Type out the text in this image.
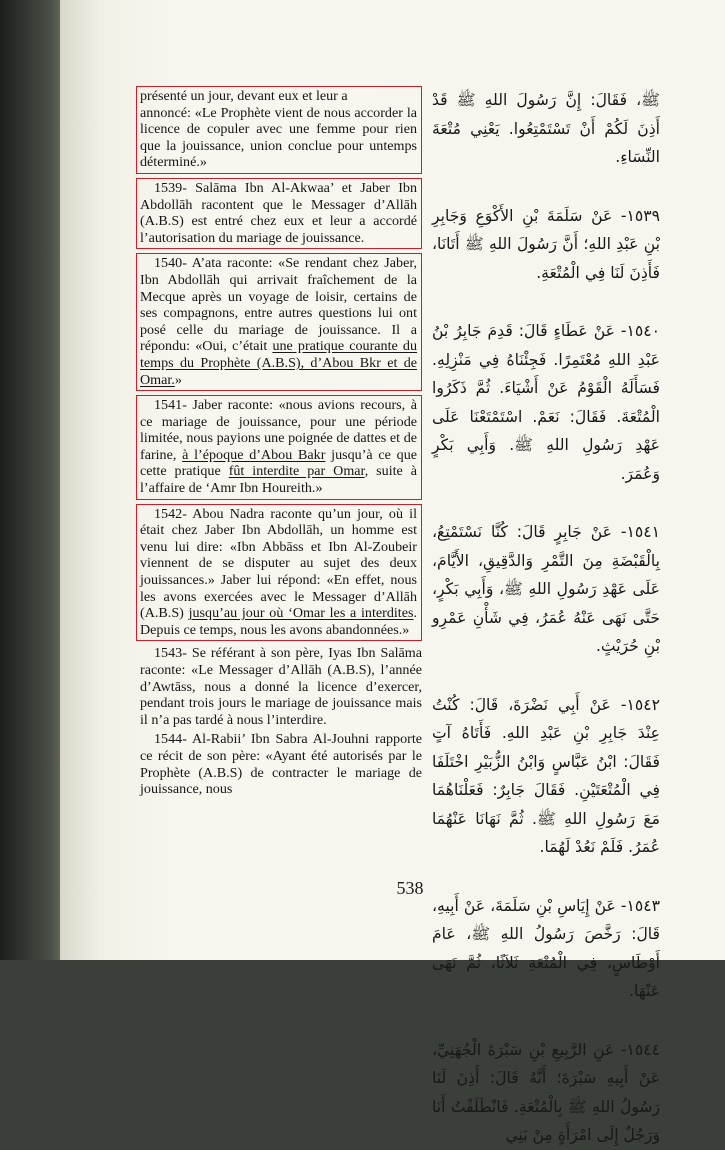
présenté un jour, devant eux et leur a

annoncé: «Le Prophète vient de nous accorder la licence de copuler avec une femme pour rien que la jouissance, union conclue pour untemps déterminé.»

1539- Salāma Ibn Al-Akwaa’ et Jaber Ibn Abdollāh racontent que le Messager d’Allāh (A.B.S) est entré chez eux et leur a accordé l’autorisation du mariage de jouissance.

1540- A’ata raconte: «Se rendant chez Jaber, Ibn Abdollāh qui arrivait fraîchement de la Mecque après un voyage de loisir, certains de ses compagnons, entre autres questions lui ont posé celle du mariage de jouissance. Il a répondu: «Oui, c’était une pratique courante du temps du Prophète (A.B.S), d’Abou Bkr et de Omar.»

1541- Jaber raconte: «nous avions recours, à ce mariage de jouissance, pour une période limitée, nous payions une poignée de dattes et de farine, à l’époque d’Abou Bakr jusqu’à ce que cette pratique fût interdite par Omar, suite à l’affaire de ‘Amr Ibn Houreith.»

1542- Abou Nadra raconte qu’un jour, où il était chez Jaber Ibn Abdollāh, un homme est venu lui dire: «Ibn Abbāss et Ibn Al-Zoubeir viennent de se disputer au sujet des deux jouissances.» Jaber lui répond: «En effet, nous les avons exercées avec le Messager d’Allāh (A.B.S) jusqu’au jour où ‘Omar les a interdites. Depuis ce temps, nous les avons abandonnées.»

1543- Se référant à son père, Iyas Ibn Salāma raconte: «Le Messager d’Allāh (A.B.S), l’année d’Awtāss, nous a donné la licence d’exercer, pendant trois jours le mariage de jouissance mais il n’a pas tardé à nous l’interdire.

1544- Al-Rabii’ Ibn Sabra Al-Jouhni rapporte ce récit de son père: «Ayant été autorisés par le Prophète (A.B.S) de contracter le mariage de jouissance, nous

ﷺ، فَقَالَ: إِنَّ رَسُولَ اللهِ ﷺ قَدْ أَذِنَ لَكُمْ أَنْ تَسْتَمْتِعُوا. يَعْنِي مُتْعَةَ النِّسَاءِ.

١٥٣٩- عَنْ سَلَمَةَ بْنِ الأَكْوَعِ وَجَابِرِ بْنِ عَبْدِ اللهِ؛ أَنَّ رَسُولَ اللهِ ﷺ أَتَانَا، فَأَذِنَ لَنَا فِي الْمُتْعَةِ.

١٥٤٠- عَنْ عَطَاءٍ قَالَ: قَدِمَ جَابِرُ بْنُ عَبْدِ اللهِ مُعْتَمِرًا. فَجِئْنَاهُ فِي مَنْزِلِهِ. فَسَأَلَهُ الْقَوْمُ عَنْ أَشْيَاءَ. ثُمَّ ذَكَرُوا الْمُتْعَةَ. فَقَالَ: نَعَمْ. اسْتَمْتَعْنَا عَلَى عَهْدِ رَسُولِ اللهِ ﷺ. وَأَبِي بَكْرٍ وَعُمَرَ.

١٥٤١- عَنْ جَابِرٍ قَالَ: كُنَّا نَسْتَمْتِعُ، بِالْقَبْضَةِ مِنَ التَّمْرِ وَالدَّقِيقِ، الأَيَّامَ، عَلَى عَهْدِ رَسُولِ اللهِ ﷺ، وَأَبِي بَكْرٍ، حَتَّى نَهَى عَنْهُ عُمَرُ، فِي شَأْنِ عَمْرِو بْنِ حُرَيْثٍ.

١٥٤٢- عَنْ أَبِي نَضْرَةَ، قَالَ: كُنْتُ عِنْدَ جَابِرِ بْنِ عَبْدِ اللهِ. فَأَتَاهُ آتٍ فَقَالَ: ابْنُ عَبَّاسٍ وَابْنُ الزُّبَيْرِ اخْتَلَفَا فِي الْمُتْعَتَيْنِ. فَقَالَ جَابِرٌ: فَعَلْنَاهُمَا مَعَ رَسُولِ اللهِ ﷺ. ثُمَّ نَهَانَا عَنْهُمَا عُمَرُ. فَلَمْ نَعُدْ لَهُمَا.

١٥٤٣- عَنْ إِيَاسِ بْنِ سَلَمَةَ، عَنْ أَبِيهِ، قَالَ: رَخَّصَ رَسُولُ اللهِ ﷺ، عَامَ أَوْطَاسٍ، فِي الْمُتْعَةِ ثَلاَثًا، ثُمَّ نَهَى عَنْهَا.

١٥٤٤- عَنِ الرَّبِيعِ بْنِ سَبْرَةَ الْجُهَنِيِّ، عَنْ أَبِيهِ سَبْرَةَ؛ أَنَّهُ قَالَ: أَذِنَ لَنَا رَسُولُ اللهِ ﷺ بِالْمُتْعَةِ. فَانْطَلَقْتُ أَنَا وَرَجُلٌ إِلَى امْرَأَةٍ مِنْ بَنِي

538
